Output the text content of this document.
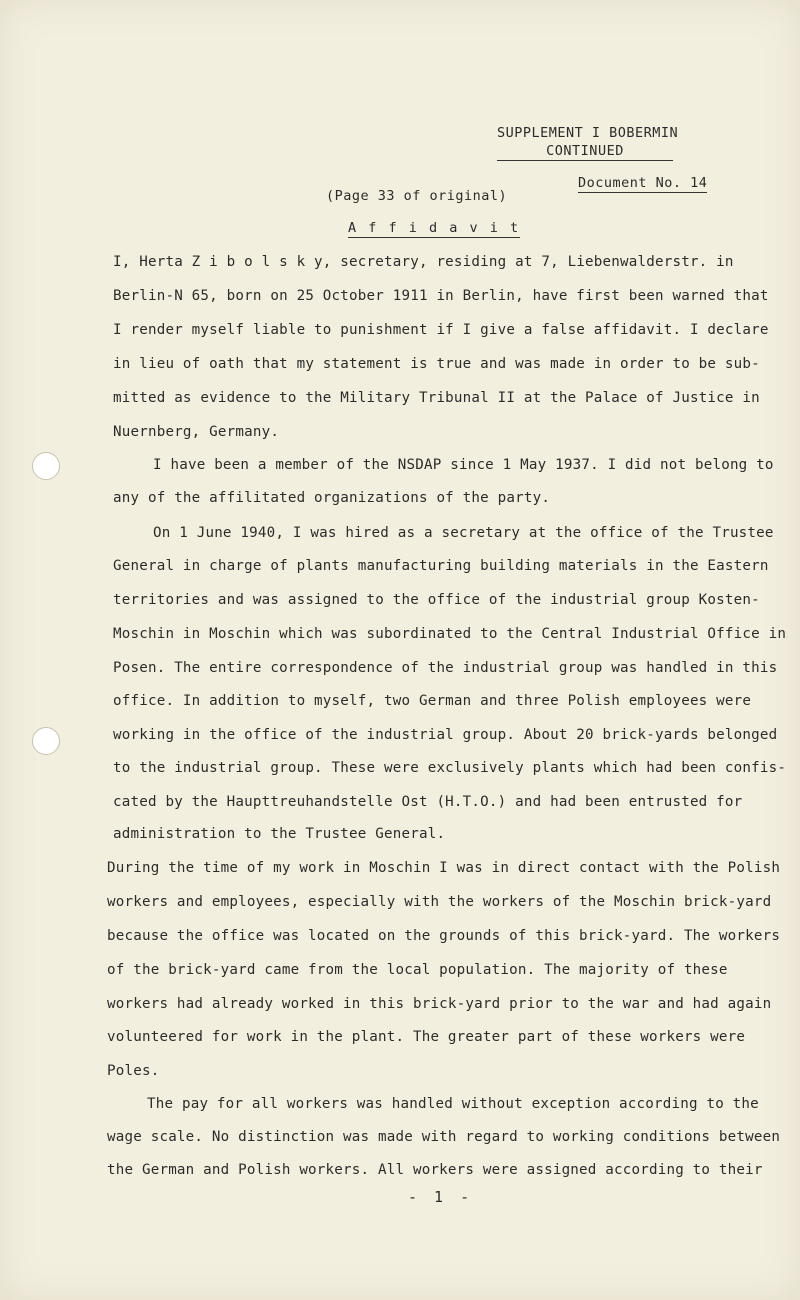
SUPPLEMENT I BOBERMIN
CONTINUED
Document No. 14
(Page 33 of original)
A f f i d a v i t
I, Herta Z i b o l s k y, secretary, residing at 7, Liebenwalderstr. in
Berlin-N 65, born on 25 October 1911 in Berlin, have first been warned that
I render myself liable to punishment if I give a false affidavit. I declare
in lieu of oath that my statement is true and was made in order to be sub-
mitted as evidence to the Military Tribunal II at the Palace of Justice in
Nuernberg, Germany.
I have been a member of the NSDAP since 1 May 1937. I did not belong to
any of the affilitated organizations of the party.
On 1 June 1940, I was hired as a secretary at the office of the Trustee
General in charge of plants manufacturing building materials in the Eastern
territories and was assigned to the office of the industrial group Kosten-
Moschin in Moschin which was subordinated to the Central Industrial Office in
Posen. The entire correspondence of the industrial group was handled in this
office. In addition to myself, two German and three Polish employees were
working in the office of the industrial group. About 20 brick-yards belonged
to the industrial group. These were exclusively plants which had been confis-
cated by the Haupttreuhandstelle Ost (H.T.O.) and had been entrusted for
administration to the Trustee General.
During the time of my work in Moschin I was in direct contact with the Polish
workers and employees, especially with the workers of the Moschin brick-yard
because the office was located on the grounds of this brick-yard. The workers
of the brick-yard came from the local population. The majority of these
workers had already worked in this brick-yard prior to the war and had again
volunteered for work in the plant. The greater part of these workers were
Poles.
The pay for all workers was handled without exception according to the
wage scale. No distinction was made with regard to working conditions between
the German and Polish workers. All workers were assigned according to their
- 1 -
